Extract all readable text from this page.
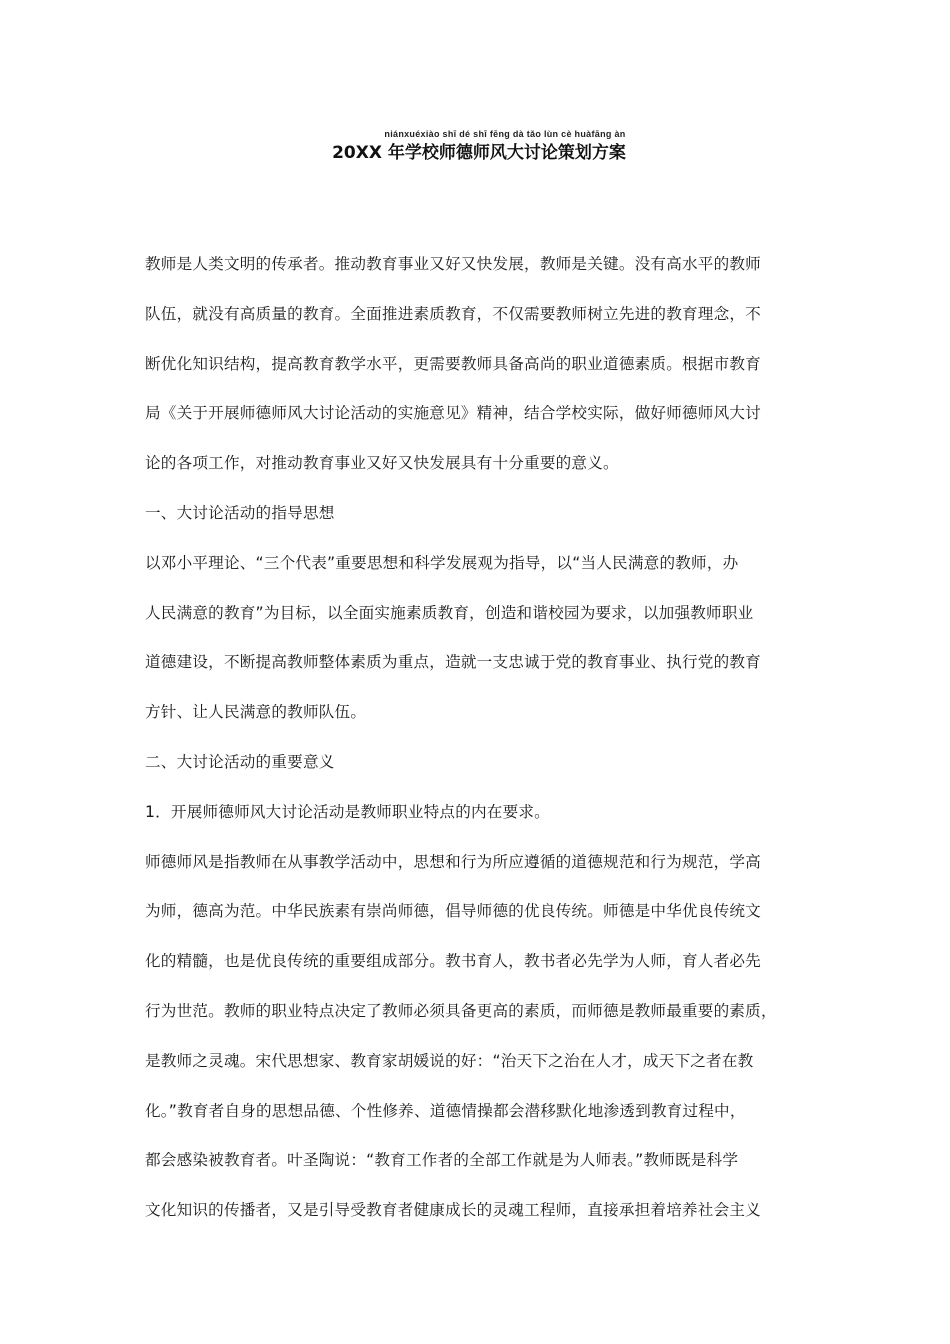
niánxuéxiào shī dé shī fēng dà tǎo lùn cè huàfāng àn
20XX 年学校师德师风大讨论策划方案
教师是人类文明的传承者。推动教育事业又好又快发展，教师是关键。没有高水平的教师
队伍，就没有高质量的教育。全面推进素质教育，不仅需要教师树立先进的教育理念，不
断优化知识结构，提高教育教学水平，更需要教师具备高尚的职业道德素质。根据市教育
局《关于开展师德师风大讨论活动的实施意见》精神，结合学校实际，做好师德师风大讨
论的各项工作，对推动教育事业又好又快发展具有十分重要的意义。
一、大讨论活动的指导思想
以邓小平理论、“三个代表”重要思想和科学发展观为指导，以“当人民满意的教师，办
人民满意的教育”为目标，以全面实施素质教育，创造和谐校园为要求，以加强教师职业
道德建设，不断提高教师整体素质为重点，造就一支忠诚于党的教育事业、执行党的教育
方针、让人民满意的教师队伍。
二、大讨论活动的重要意义
1．开展师德师风大讨论活动是教师职业特点的内在要求。
师德师风是指教师在从事教学活动中，思想和行为所应遵循的道德规范和行为规范，学高
为师，德高为范。中华民族素有崇尚师德，倡导师德的优良传统。师德是中华优良传统文
化的精髓，也是优良传统的重要组成部分。教书育人，教书者必先学为人师，育人者必先
行为世范。教师的职业特点决定了教师必须具备更高的素质，而师德是教师最重要的素质，
是教师之灵魂。宋代思想家、教育家胡媛说的好：“治天下之治在人才，成天下之者在教
化。”教育者自身的思想品德、个性修养、道德情操都会潜移默化地渗透到教育过程中，
都会感染被教育者。叶圣陶说：“教育工作者的全部工作就是为人师表。”教师既是科学
文化知识的传播者，又是引导受教育者健康成长的灵魂工程师，直接承担着培养社会主义
